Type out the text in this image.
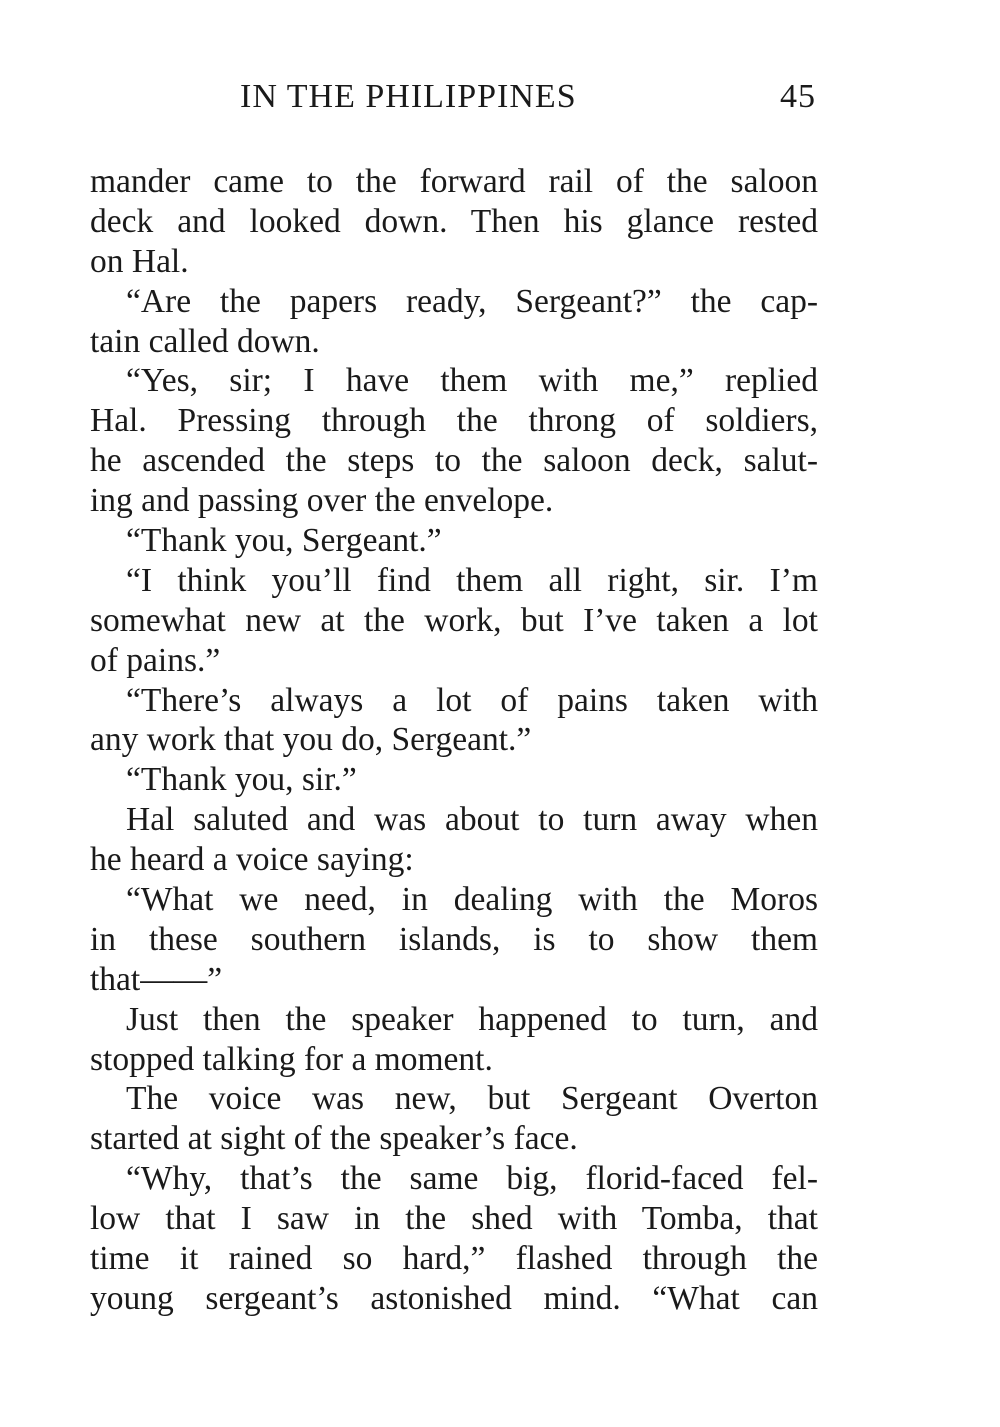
IN THE PHILIPPINES	45
mander came to the forward rail of the saloon
deck and looked down. Then his glance rested
on Hal.
“Are the papers ready, Sergeant?” the cap-
tain called down.
“Yes, sir; I have them with me,” replied
Hal. Pressing through the throng of soldiers,
he ascended the steps to the saloon deck, salut-
ing and passing over the envelope.
“Thank you, Sergeant.”
“I think you’ll find them all right, sir. I’m
somewhat new at the work, but I’ve taken a lot
of pains.”
“There’s always a lot of pains taken with
any work that you do, Sergeant.”
“Thank you, sir.”
Hal saluted and was about to turn away when
he heard a voice saying:
“What we need, in dealing with the Moros
in these southern islands, is to show them
that——”
Just then the speaker happened to turn, and
stopped talking for a moment.
The voice was new, but Sergeant Overton
started at sight of the speaker’s face.
“Why, that’s the same big, florid-faced fel-
low that I saw in the shed with Tomba, that
time it rained so hard,” flashed through the
young sergeant’s astonished mind. “What can
